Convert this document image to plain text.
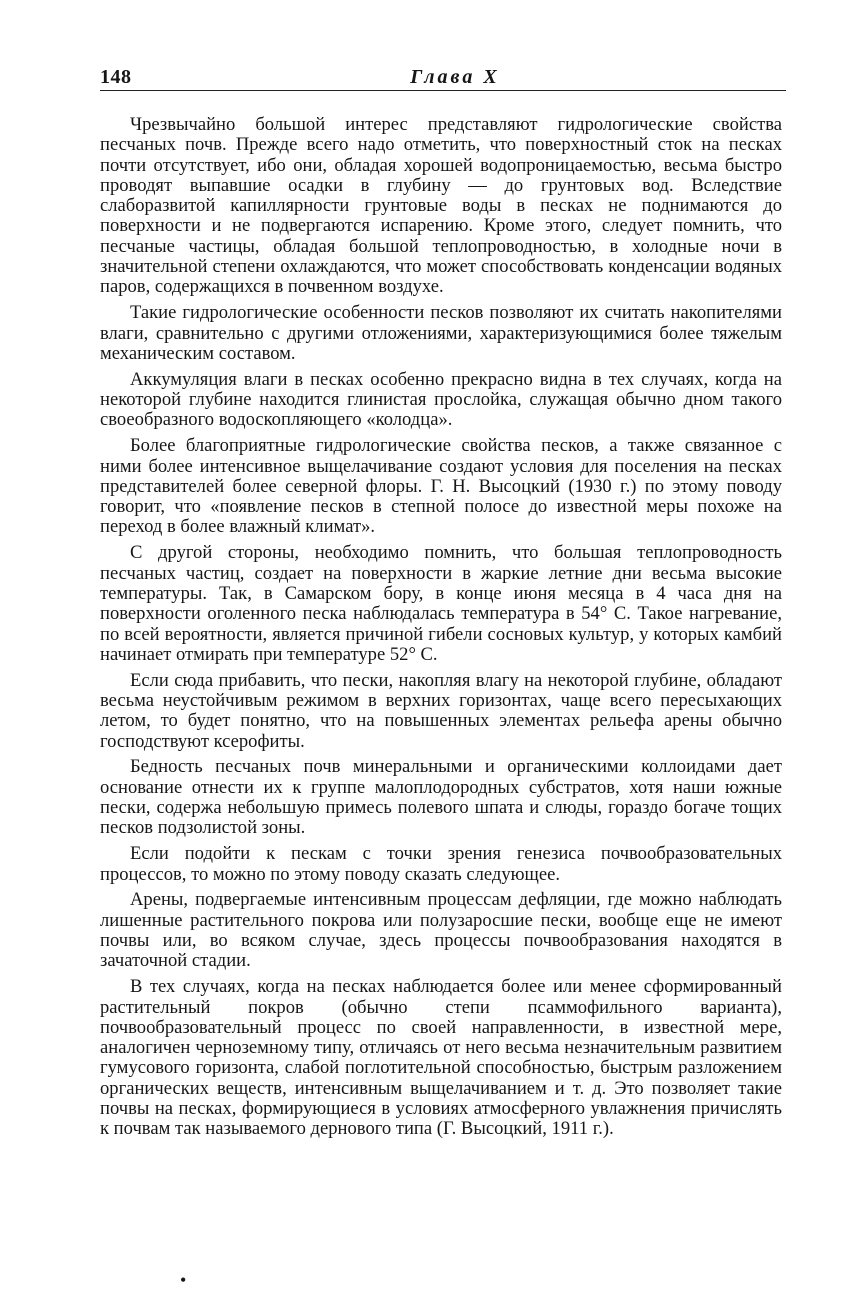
148	Глава X

Чрезвычайно большой интерес представляют гидрологические свойства песчаных почв. Прежде всего надо отметить, что поверхностный сток на песках почти отсутствует, ибо они, обладая хорошей водопроницаемостью, весьма быстро проводят выпавшие осадки в глубину — до грунтовых вод. Вследствие слаборазвитой капиллярности грунтовые воды в песках не поднимаются до поверхности и не подвергаются испарению. Кроме этого, следует помнить, что песчаные частицы, обладая большой теплопроводностью, в холодные ночи в значительной степени охлаждаются, что может способствовать конденсации водяных паров, содержащихся в почвенном воздухе.

Такие гидрологические особенности песков позволяют их считать накопителями влаги, сравнительно с другими отложениями, характеризующимися более тяжелым механическим составом.

Аккумуляция влаги в песках особенно прекрасно видна в тех случаях, когда на некоторой глубине находится глинистая прослойка, служащая обычно дном такого своеобразного водоскопляющего «колодца».

Более благоприятные гидрологические свойства песков, а также связанное с ними более интенсивное выщелачивание создают условия для поселения на песках представителей более северной флоры. Г. Н. Высоцкий (1930 г.) по этому поводу говорит, что «появление песков в степной полосе до известной меры похоже на переход в более влажный климат».

С другой стороны, необходимо помнить, что большая теплопроводность песчаных частиц, создает на поверхности в жаркие летние дни весьма высокие температуры. Так, в Самарском бору, в конце июня месяца в 4 часа дня на поверхности оголенного песка наблюдалась температура в 54° С. Такое нагревание, по всей вероятности, является причиной гибели сосновых культур, у которых камбий начинает отмирать при температуре 52° С.

Если сюда прибавить, что пески, накопляя влагу на некоторой глубине, обладают весьма неустойчивым режимом в верхних горизонтах, чаще всего пересыхающих летом, то будет понятно, что на повышенных элементах рельефа арены обычно господствуют ксерофиты.

Бедность песчаных почв минеральными и органическими коллоидами дает основание отнести их к группе малоплодородных субстратов, хотя наши южные пески, содержа небольшую примесь полевого шпата и слюды, гораздо богаче тощих песков подзолистой зоны.

Если подойти к пескам с точки зрения генезиса почвообразовательных процессов, то можно по этому поводу сказать следующее.

Арены, подвергаемые интенсивным процессам дефляции, где можно наблюдать лишенные растительного покрова или полузаросшие пески, вообще еще не имеют почвы или, во всяком случае, здесь процессы почвообразования находятся в зачаточной стадии.

В тех случаях, когда на песках наблюдается более или менее сформированный растительный покров (обычно степи псаммофильного варианта), почвообразовательный процесс по своей направленности, в известной мере, аналогичен черноземному типу, отличаясь от него весьма незначительным развитием гумусового горизонта, слабой поглотительной способностью, быстрым разложением органических веществ, интенсивным выщелачиванием и т. д. Это позволяет такие почвы на песках, формирующиеся в условиях атмосферного увлажнения причислять к почвам так называемого дернового типа (Г. Высоцкий, 1911 г.).

•
